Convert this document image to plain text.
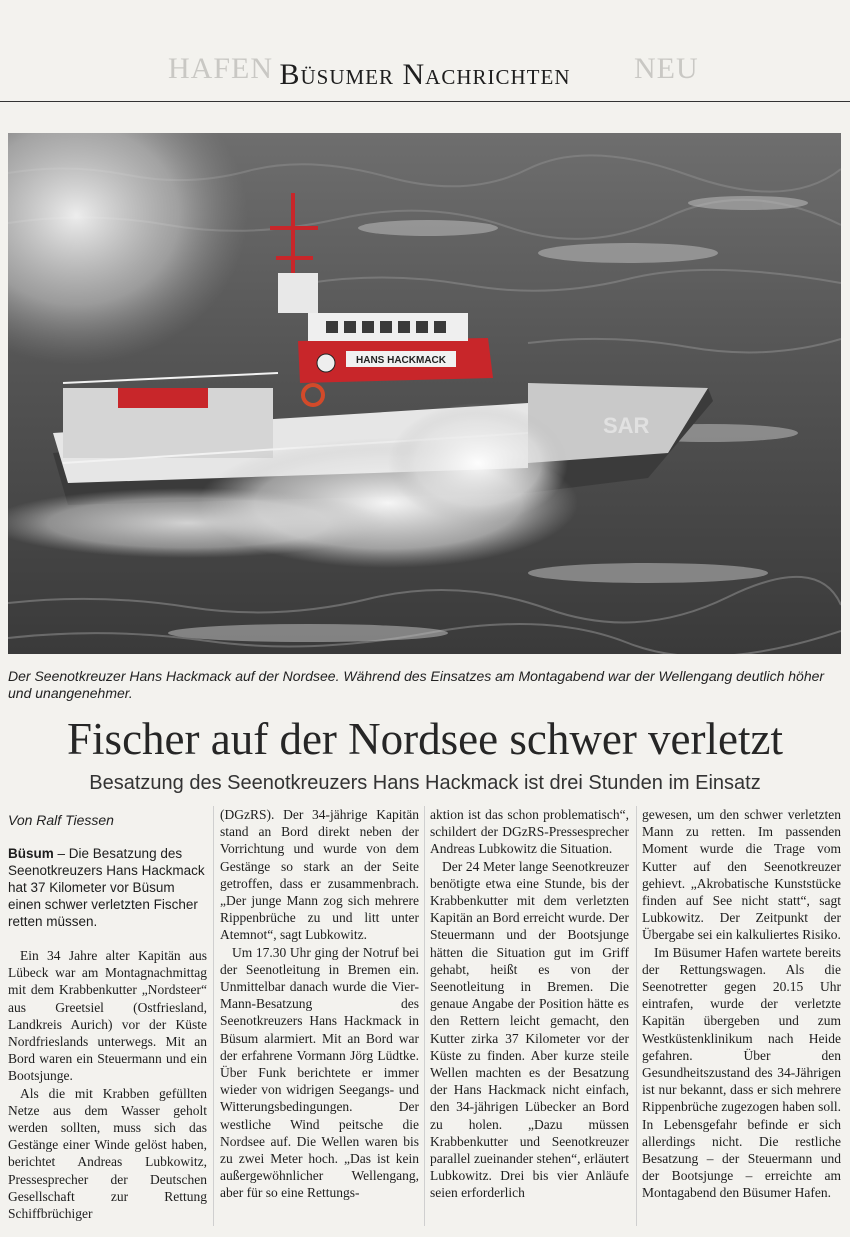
HAFEN	NEU
Büsumer Nachrichten
HANS HACKMACK
SAR
Der Seenotkreuzer Hans Hackmack auf der Nordsee. Während des Einsatzes am Montagabend war der Wellengang deutlich höher und unangenehmer.
Fischer auf der Nordsee schwer verletzt
Besatzung des Seenotkreuzers Hans Hackmack ist drei Stunden im Einsatz
Von Ralf Tiessen

Büsum – Die Besatzung des Seenotkreuzers Hans Hackmack hat 37 Kilometer vor Büsum einen schwer verletzten Fischer retten müssen.

Ein 34 Jahre alter Kapitän aus Lübeck war am Montagnachmittag mit dem Krabbenkutter „Nordsteer“ aus Greetsiel (Ostfriesland, Landkreis Aurich) vor der Küste Nordfrieslands unterwegs. Mit an Bord waren ein Steuermann und ein Bootsjunge.

Als die mit Krabben gefüllten Netze aus dem Wasser geholt werden sollten, muss sich das Gestänge einer Winde gelöst haben, berichtet Andreas Lubkowitz, Pressesprecher der Deutschen Gesellschaft zur Rettung Schiffbrüchiger

(DGzRS). Der 34-jährige Kapitän stand an Bord direkt neben der Vorrichtung und wurde von dem Gestänge so stark an der Seite getroffen, dass er zusammenbrach. „Der junge Mann zog sich mehrere Rippenbrüche zu und litt unter Atemnot“, sagt Lubkowitz.

Um 17.30 Uhr ging der Notruf bei der Seenotleitung in Bremen ein. Unmittelbar danach wurde die Vier-Mann-Besatzung des Seenotkreuzers Hans Hackmack in Büsum alarmiert. Mit an Bord war der erfahrene Vormann Jörg Lüdtke. Über Funk berichtete er immer wieder von widrigen Seegangs- und Witterungsbedingungen. Der westliche Wind peitsche die Nordsee auf. Die Wellen waren bis zu zwei Meter hoch. „Das ist kein außergewöhnlicher Wellengang, aber für so eine Rettungs-

aktion ist das schon problematisch“, schildert der DGzRS-Pressesprecher Andreas Lubkowitz die Situation.

Der 24 Meter lange Seenotkreuzer benötigte etwa eine Stunde, bis der Krabbenkutter mit dem verletzten Kapitän an Bord erreicht wurde. Der Steuermann und der Bootsjunge hätten die Situation gut im Griff gehabt, heißt es von der Seenotleitung in Bremen. Die genaue Angabe der Position hätte es den Rettern leicht gemacht, den Kutter zirka 37 Kilometer vor der Küste zu finden. Aber kurze steile Wellen machten es der Besatzung der Hans Hackmack nicht einfach, den 34-jährigen Lübecker an Bord zu holen. „Dazu müssen Krabbenkutter und Seenotkreuzer parallel zueinander stehen“, erläutert Lubkowitz. Drei bis vier Anläufe seien erforderlich

gewesen, um den schwer verletzten Mann zu retten. Im passenden Moment wurde die Trage vom Kutter auf den Seenotkreuzer gehievt. „Akrobatische Kunststücke finden auf See nicht statt“, sagt Lubkowitz. Der Zeitpunkt der Übergabe sei ein kalkuliertes Risiko.

Im Büsumer Hafen wartete bereits der Rettungswagen. Als die Seenotretter gegen 20.15 Uhr eintrafen, wurde der verletzte Kapitän übergeben und zum Westküstenklinikum nach Heide gefahren. Über den Gesundheitszustand des 34-Jährigen ist nur bekannt, dass er sich mehrere Rippenbrüche zugezogen haben soll. In Lebensgefahr befinde er sich allerdings nicht. Die restliche Besatzung – der Steuermann und der Bootsjunge – erreichte am Montagabend den Büsumer Hafen.
